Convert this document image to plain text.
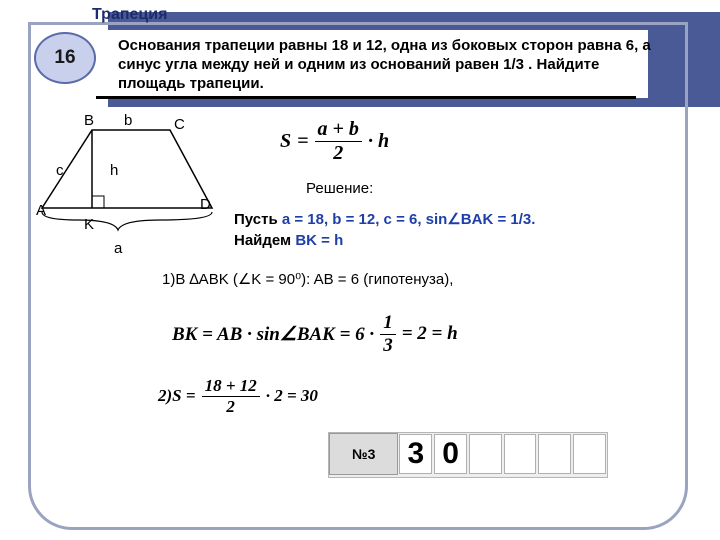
Трапеция
16
Основания трапеции равны 18 и 12, одна из боковых сторон равна 6, а синус угла между ней и одним из оснований равен 1/3 . Найдите площадь трапеции.
B b	C
c	h
A	D
K
a
$S = \frac{a + b}{2} \cdot h$
Решение:
Пусть a = 18, b = 12, c = 6, sin∠BAK = 1/3.
Найдем BK = h
1)В ∆ABK (∠K = 90⁰): AB = 6 (гипотенуза),
BK = AB · sin∠BAK = $6 \cdot \frac{1}{3} = 2 = h$
$2)S = \frac{18 + 12}{2} \cdot 2 = 30$
№3	3 0
